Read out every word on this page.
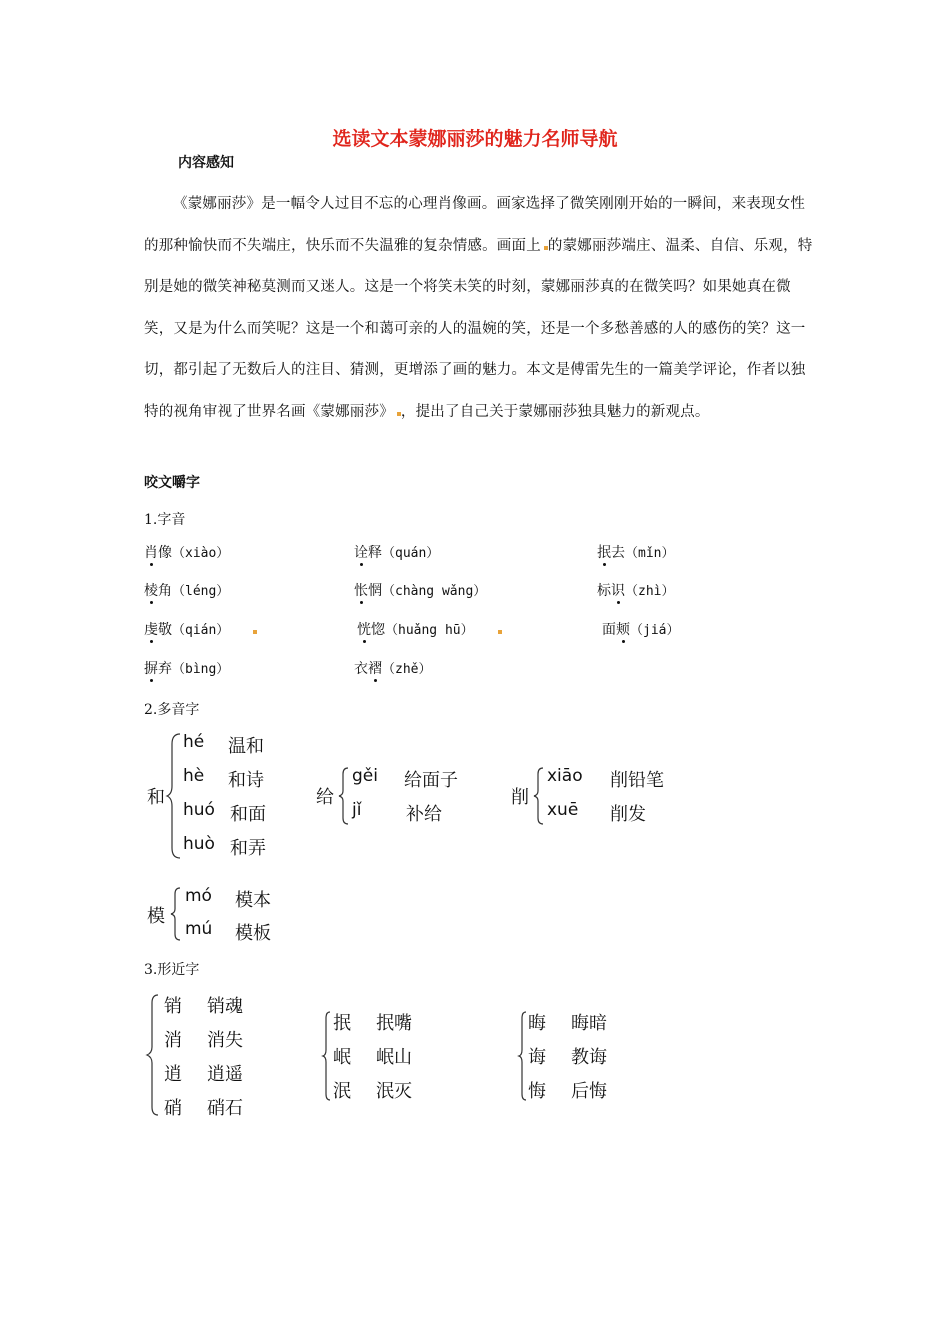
选读文本蒙娜丽莎的魅力名师导航
内容感知

《蒙娜丽莎》是一幅令人过目不忘的心理肖像画。画家选择了微笑刚刚开始的一瞬间，来表现女性的那种愉快而不失端庄，快乐而不失温雅的复杂情感。画面上 的蒙娜丽莎端庄、温柔、自信、乐观，特别是她的微笑神秘莫测而又迷人。这是一个将笑未笑的时刻，蒙娜丽莎真的在微笑吗？如果她真在微笑，又是为什么而笑呢？这是一个和蔼可亲的人的温婉的笑，还是一个多愁善感的人的感伤的笑？这一切，都引起了无数后人的注目、猜测，更增添了画的魅力。本文是傅雷先生的一篇美学评论，作者以独特的视角审视了世界名画《蒙娜丽莎》 ，提出了自己关于蒙娜丽莎独具魅力的新观点。

咬文嚼字
1.字音
肖像（xiào）	诠释（quán）	抿去（mǐn）
棱角（léng）	怅惘（chàng wǎng）	标识（zhì）
虔敬（qián）	恍惚（huǎng hū）	面颊（jiá）
摒弃（bìng）	衣褶（zhě）
2.多音字
和
hé 温和
hè 和诗
huó 和面
huò 和弄
给
gěi 给面子
jǐ 补给
削
xiāo 削铅笔
xuē 削发
模
mó 模本
mú 模板
3.形近字
销 销魂
消 消失
逍 逍遥
硝 硝石
抿 抿嘴
岷 岷山
泯 泯灭
晦 晦暗
诲 教诲
悔 后悔
